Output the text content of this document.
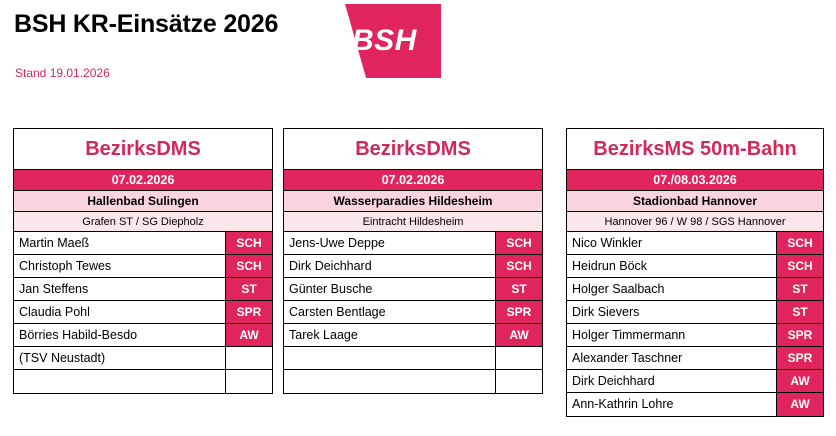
BSH KR-Einsätze 2026
Stand 19.01.2026
BSH
BezirksDMS
07.02.2026
Hallenbad Sulingen
Grafen ST / SG Diepholz
Martin Maeß	SCH
Christoph Tewes	SCH
Jan Steffens	ST
Claudia Pohl	SPR
Börries Habild-Besdo	AW
(TSV Neustadt)
BezirksDMS
07.02.2026
Wasserparadies Hildesheim
Eintracht Hildesheim
Jens-Uwe Deppe	SCH
Dirk Deichhard	SCH
Günter Busche	ST
Carsten Bentlage	SPR
Tarek Laage	AW
BezirksMS 50m-Bahn
07./08.03.2026
Stadionbad Hannover
Hannover 96 / W 98 / SGS Hannover
Nico Winkler	SCH
Heidrun Böck	SCH
Holger Saalbach	ST
Dirk Sievers	ST
Holger Timmermann	SPR
Alexander Taschner	SPR
Dirk Deichhard	AW
Ann-Kathrin Lohre	AW
